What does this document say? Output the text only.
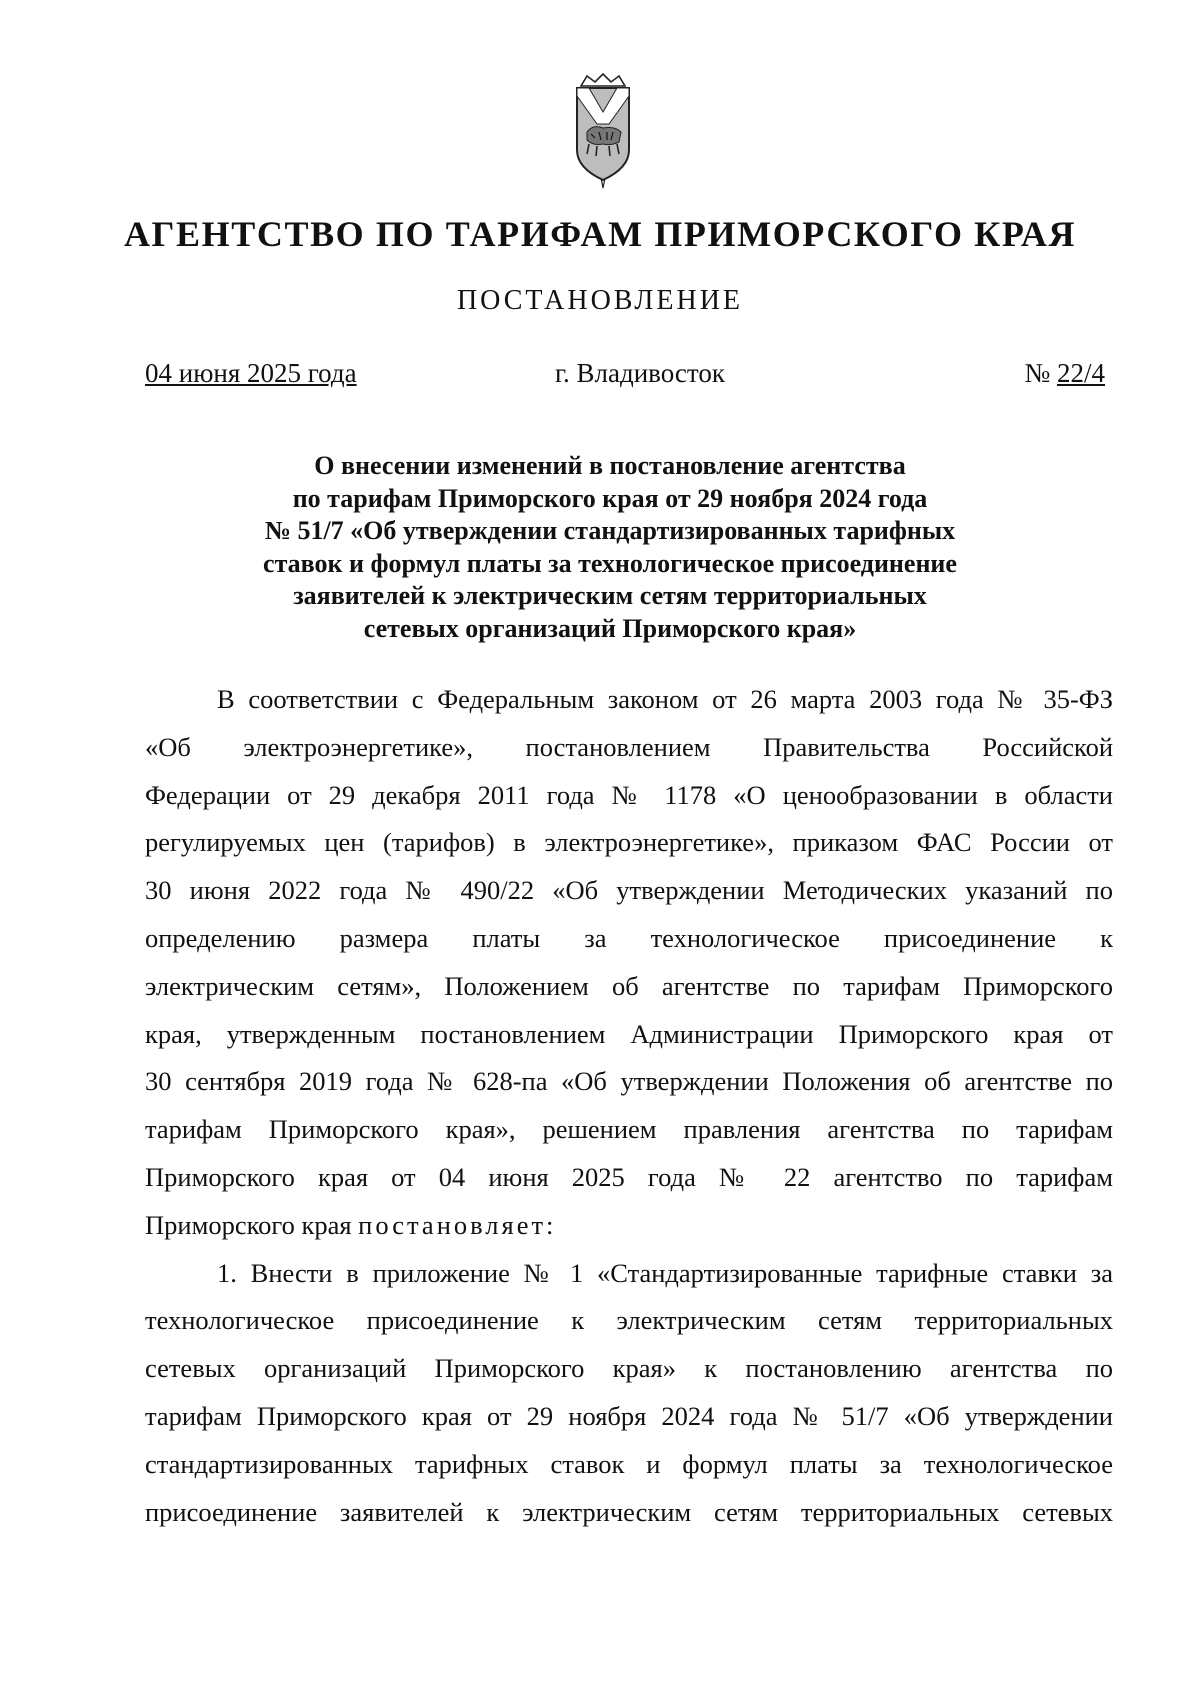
АГЕНТСТВО ПО ТАРИФАМ ПРИМОРСКОГО КРАЯ
ПОСТАНОВЛЕНИЕ
04 июня 2025 года	г. Владивосток	№ 22/4
О внесении изменений в постановление агентства
по тарифам Приморского края от 29 ноября 2024 года
№ 51/7 «Об утверждении стандартизированных тарифных
ставок и формул платы за технологическое присоединение
заявителей к электрическим сетям территориальных
сетевых организаций Приморского края»
В соответствии с Федеральным законом от 26 марта 2003 года № 35-ФЗ
«Об электроэнергетике», постановлением Правительства Российской
Федерации от 29 декабря 2011 года № 1178 «О ценообразовании в области
регулируемых цен (тарифов) в электроэнергетике», приказом ФАС России от
30 июня 2022 года № 490/22 «Об утверждении Методических указаний по
определению размера платы за технологическое присоединение к
электрическим сетям», Положением об агентстве по тарифам Приморского
края, утвержденным постановлением Администрации Приморского края от
30 сентября 2019 года № 628-па «Об утверждении Положения об агентстве по
тарифам Приморского края», решением правления агентства по тарифам
Приморского края от 04 июня 2025 года № 22 агентство по тарифам
Приморского края постановляет:
1. Внести в приложение № 1 «Стандартизированные тарифные ставки за
технологическое присоединение к электрическим сетям территориальных
сетевых организаций Приморского края» к постановлению агентства по
тарифам Приморского края от 29 ноября 2024 года № 51/7 «Об утверждении
стандартизированных тарифных ставок и формул платы за технологическое
присоединение заявителей к электрическим сетям территориальных сетевых
